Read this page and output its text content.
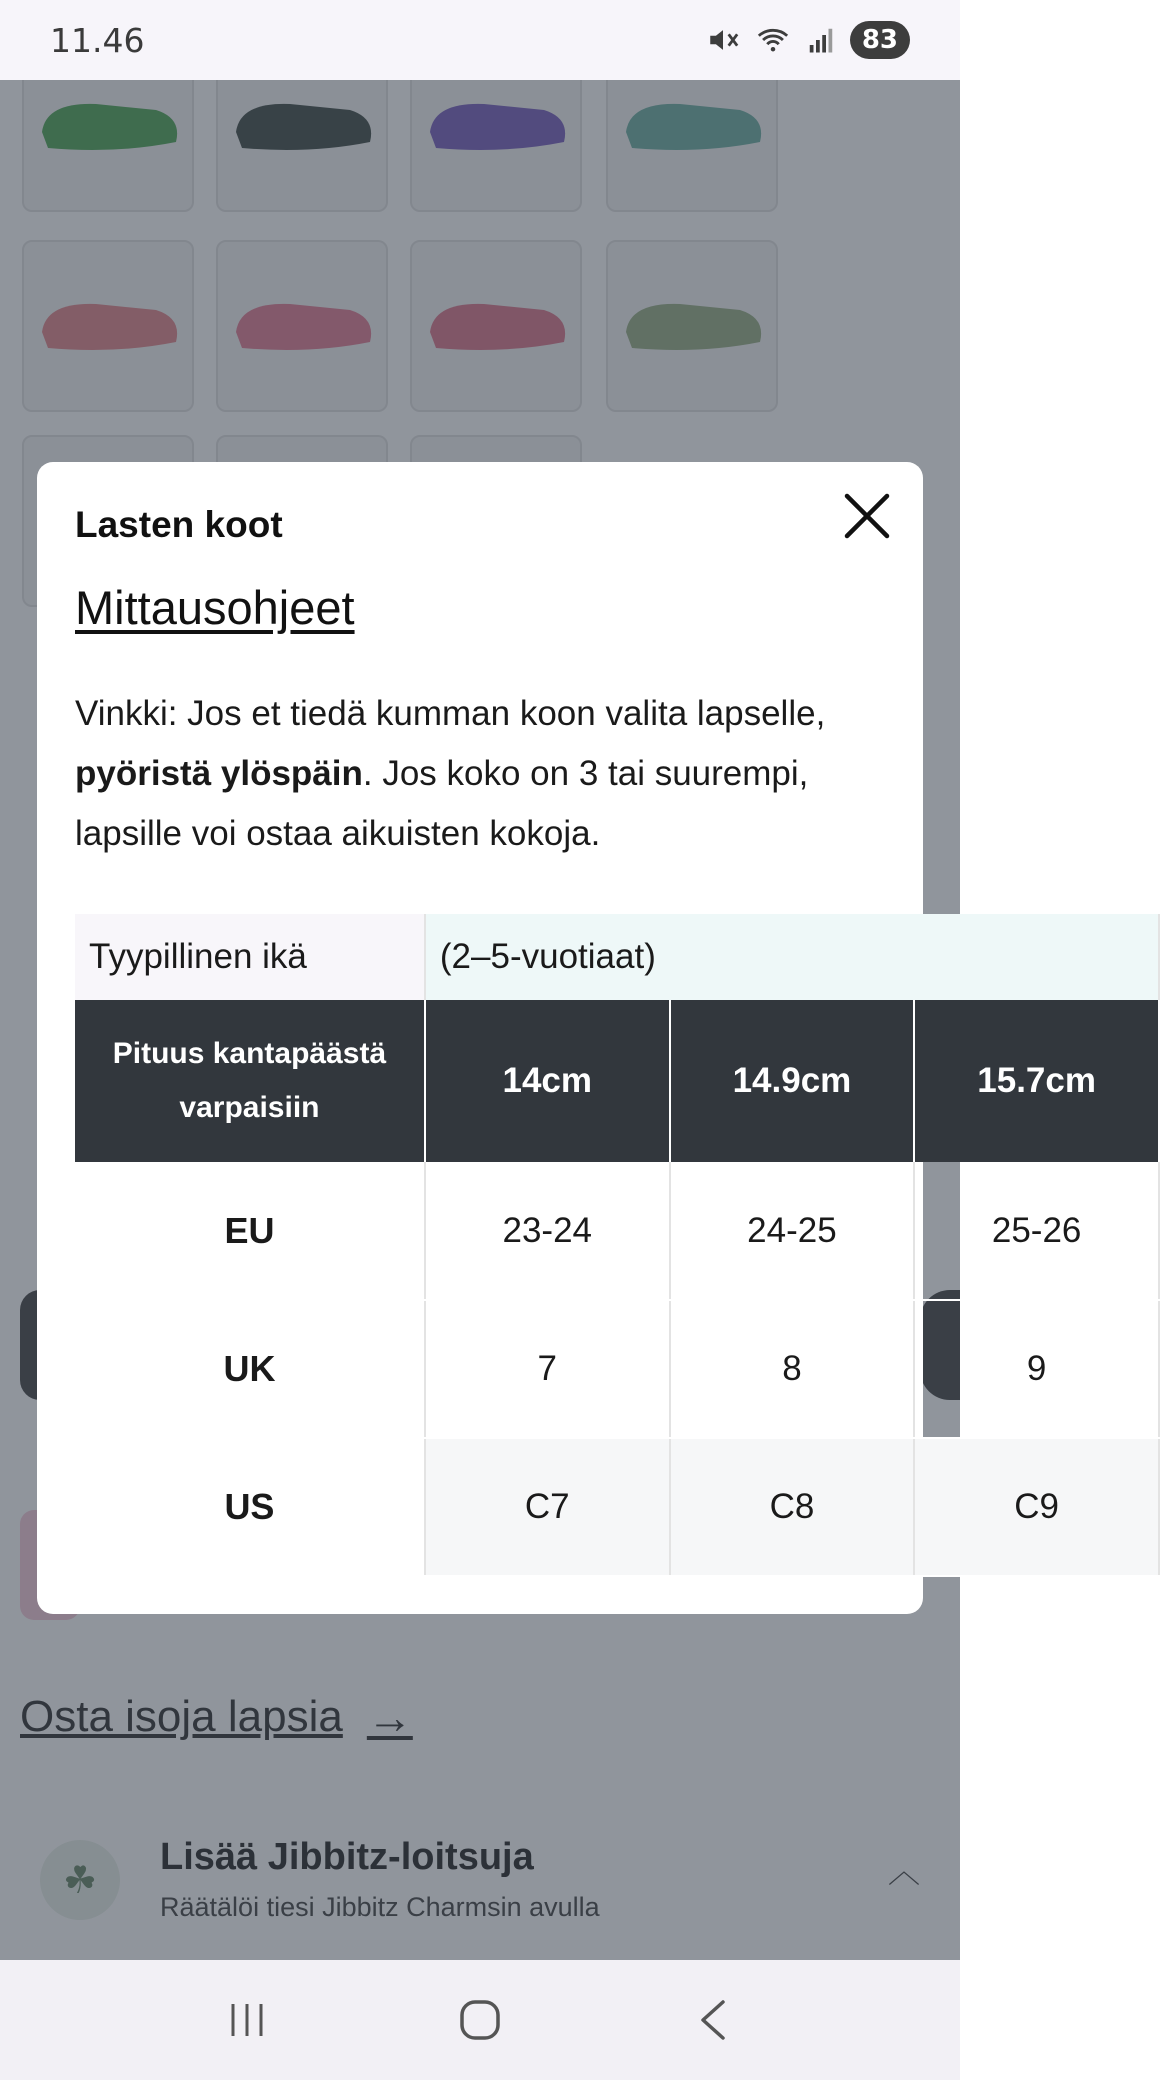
11.46	83
Lasten koot
Mittausohjeet

Vinkki: Jos et tiedä kumman koon valita lapselle, pyöristä ylöspäin. Jos koko on 3 tai suurempi, lapsille voi ostaa aikuisten kokoja.

Tyypillinen ikä	(2–5-vuotiaat)		
Pituus kantapäästä varpaisiin	14cm	14.9cm	15.7cm
EU	23-24	24-25	25-26
UK	7	8	9
US	C7	C8	C9
